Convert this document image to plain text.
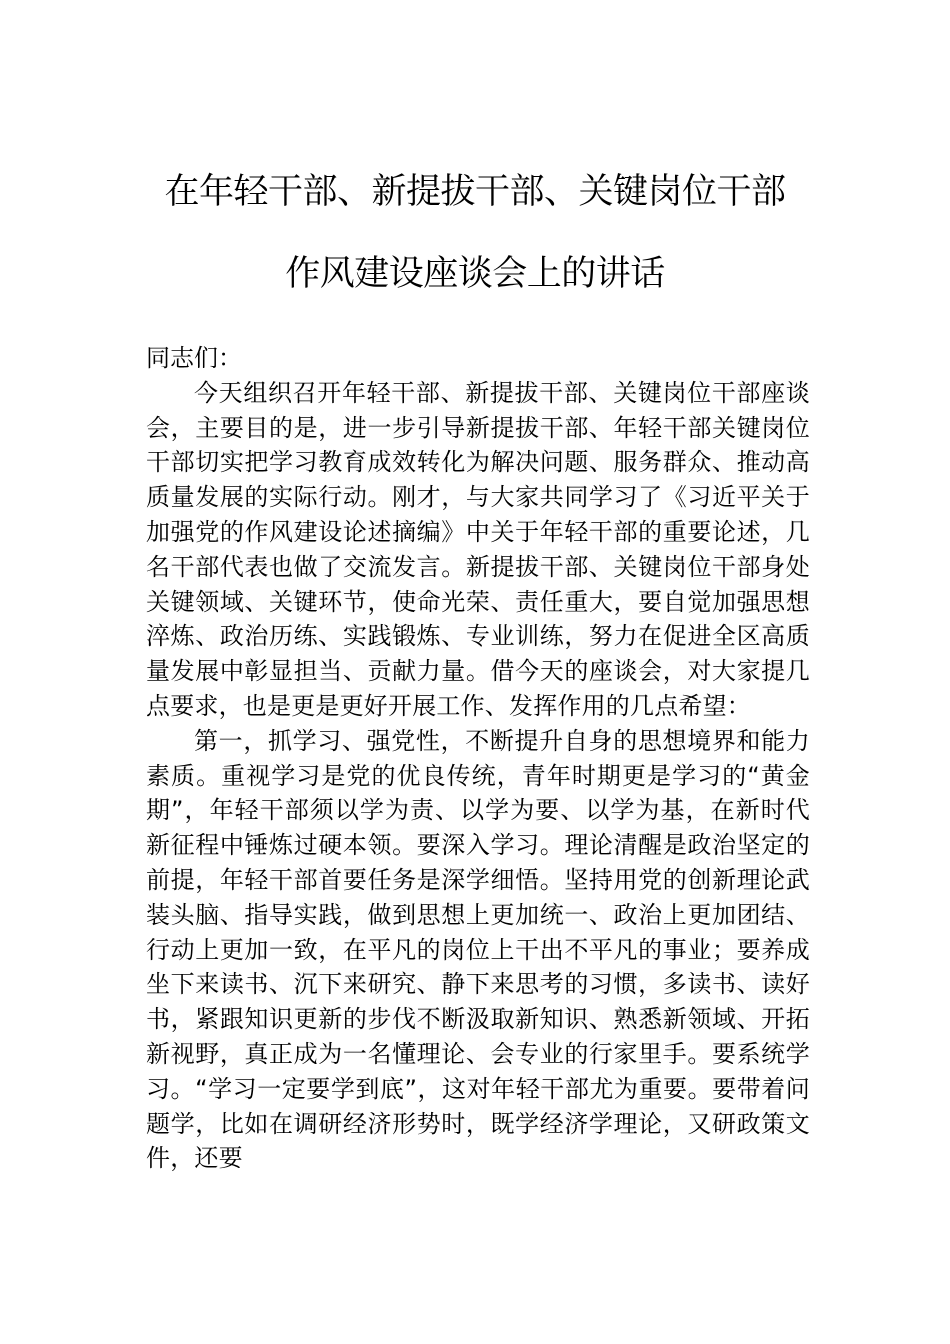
在年轻干部、新提拔干部、关键岗位干部
作风建设座谈会上的讲话
同志们：

今天组织召开年轻干部、新提拔干部、关键岗位干部座谈会，主要目的是，进一步引导新提拔干部、年轻干部关键岗位干部切实把学习教育成效转化为解决问题、服务群众、推动高质量发展的实际行动。刚才，与大家共同学习了《习近平关于加强党的作风建设论述摘编》中关于年轻干部的重要论述，几名干部代表也做了交流发言。新提拔干部、关键岗位干部身处关键领域、关键环节，使命光荣、责任重大，要自觉加强思想淬炼、政治历练、实践锻炼、专业训练，努力在促进全区高质量发展中彰显担当、贡献力量。借今天的座谈会，对大家提几点要求，也是更是更好开展工作、发挥作用的几点希望：

第一，抓学习、强党性，不断提升自身的思想境界和能力素质。重视学习是党的优良传统，青年时期更是学习的“黄金期”，年轻干部须以学为责、以学为要、以学为基，在新时代新征程中锤炼过硬本领。要深入学习。理论清醒是政治坚定的前提，年轻干部首要任务是深学细悟。坚持用党的创新理论武装头脑、指导实践，做到思想上更加统一、政治上更加团结、行动上更加一致，在平凡的岗位上干出不平凡的事业；要养成坐下来读书、沉下来研究、静下来思考的习惯，多读书、读好书，紧跟知识更新的步伐不断汲取新知识、熟悉新领域、开拓新视野，真正成为一名懂理论、会专业的行家里手。要系统学习。“学习一定要学到底”，这对年轻干部尤为重要。要带着问题学，比如在调研经济形势时，既学经济学理论，又研政策文件，还要
